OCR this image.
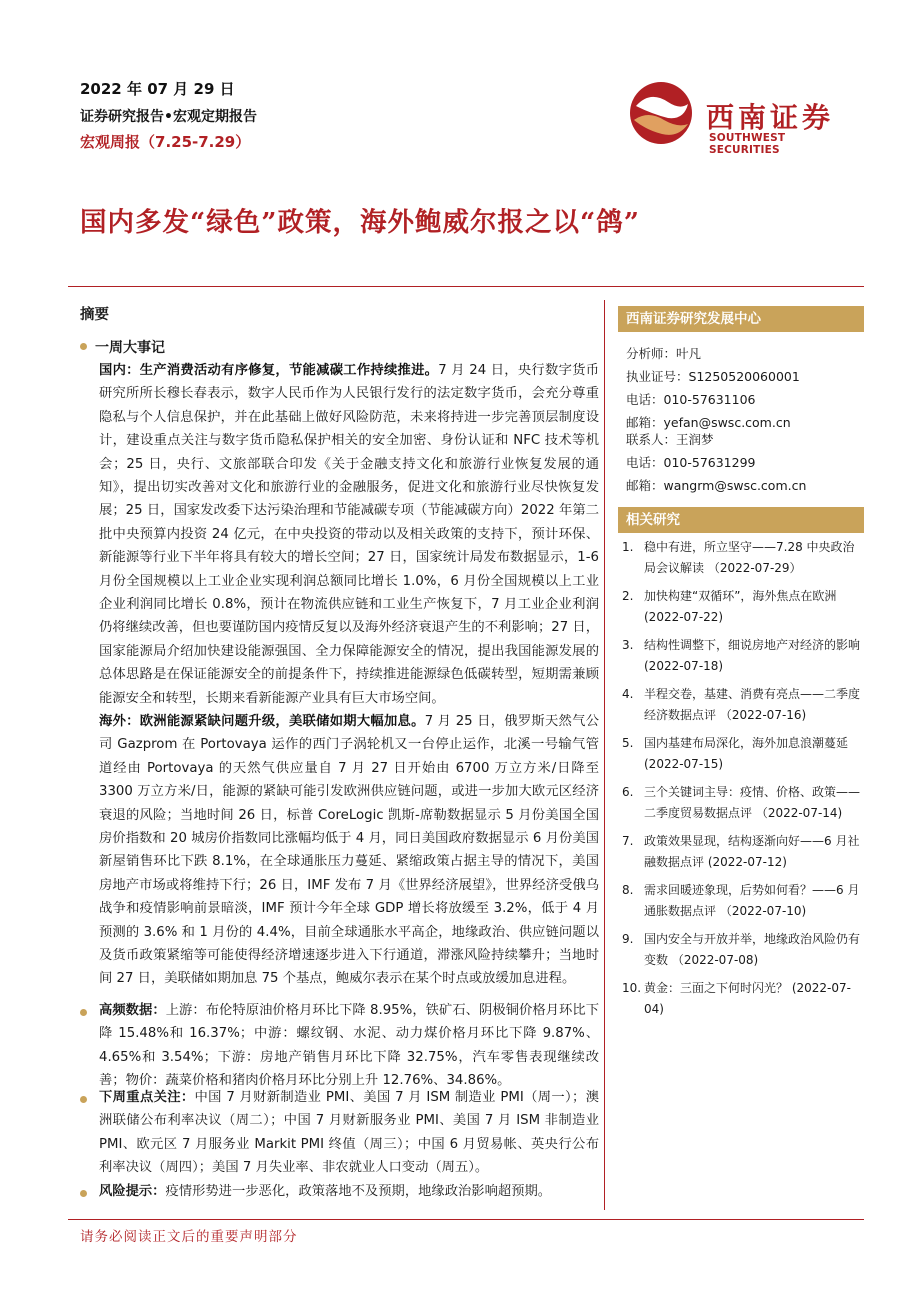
2022 年 07 月 29 日
证券研究报告•宏观定期报告
宏观周报（7.25-7.29）
西南证券
SOUTHWEST SECURITIES
国内多发“绿色”政策，海外鲍威尔报之以“鸽”
摘要
一周大事记
国内：生产消费活动有序修复，节能减碳工作持续推进。7 月 24 日，央行数字货币研究所所长穆长春表示，数字人民币作为人民银行发行的法定数字货币，会充分尊重隐私与个人信息保护，并在此基础上做好风险防范，未来将持进一步完善顶层制度设计，建设重点关注与数字货币隐私保护相关的安全加密、身份认证和 NFC 技术等机会；25 日，央行、文旅部联合印发《关于金融支持文化和旅游行业恢复发展的通知》，提出切实改善对文化和旅游行业的金融服务，促进文化和旅游行业尽快恢复发展；25 日，国家发改委下达污染治理和节能减碳专项（节能减碳方向）2022 年第二批中央预算内投资 24 亿元，在中央投资的带动以及相关政策的支持下，预计环保、新能源等行业下半年将具有较大的增长空间；27 日，国家统计局发布数据显示，1-6 月份全国规模以上工业企业实现利润总额同比增长 1.0%，6 月份全国规模以上工业企业利润同比增长 0.8%，预计在物流供应链和工业生产恢复下，7 月工业企业利润仍将继续改善，但也要谨防国内疫情反复以及海外经济衰退产生的不利影响；27 日，国家能源局介绍加快建设能源强国、全力保障能源安全的情况，提出我国能源发展的总体思路是在保证能源安全的前提条件下，持续推进能源绿色低碳转型，短期需兼顾能源安全和转型，长期来看新能源产业具有巨大市场空间。
海外：欧洲能源紧缺问题升级，美联储如期大幅加息。7 月 25 日，俄罗斯天然气公司 Gazprom 在 Portovaya 运作的西门子涡轮机又一台停止运作，北溪一号输气管道经由 Portovaya 的天然气供应量自 7 月 27 日开始由 6700 万立方米/日降至 3300 万立方米/日，能源的紧缺可能引发欧洲供应链问题，或进一步加大欧元区经济衰退的风险；当地时间 26 日，标普 CoreLogic 凯斯-席勒数据显示 5 月份美国全国房价指数和 20 城房价指数同比涨幅均低于 4 月，同日美国政府数据显示 6 月份美国新屋销售环比下跌 8.1%，在全球通胀压力蔓延、紧缩政策占据主导的情况下，美国房地产市场或将维持下行；26 日，IMF 发布 7 月《世界经济展望》，世界经济受俄乌战争和疫情影响前景暗淡，IMF 预计今年全球 GDP 增长将放缓至 3.2%，低于 4 月预测的 3.6% 和 1 月份的 4.4%，目前全球通胀水平高企，地缘政治、供应链问题以及货币政策紧缩等可能使得经济增速逐步进入下行通道，滞涨风险持续攀升；当地时间 27 日，美联储如期加息 75 个基点，鲍威尔表示在某个时点或放缓加息进程。
高频数据：上游：布伦特原油价格月环比下降 8.95%，铁矿石、阴极铜价格月环比下降 15.48%和 16.37%；中游：螺纹钢、水泥、动力煤价格月环比下降 9.87%、4.65%和 3.54%；下游：房地产销售月环比下降 32.75%，汽车零售表现继续改善；物价：蔬菜价格和猪肉价格月环比分别上升 12.76%、34.86%。
下周重点关注：中国 7 月财新制造业 PMI、美国 7 月 ISM 制造业 PMI（周一）；澳洲联储公布利率决议（周二）；中国 7 月财新服务业 PMI、美国 7 月 ISM 非制造业 PMI、欧元区 7 月服务业 Markit PMI 终值（周三）；中国 6 月贸易帐、英央行公布利率决议（周四）；美国 7 月失业率、非农就业人口变动（周五）。
风险提示：疫情形势进一步恶化，政策落地不及预期，地缘政治影响超预期。
西南证券研究发展中心
分析师：叶凡
执业证号：S1250520060001
电话：010-57631106
邮箱：yefan@swsc.com.cn
联系人：王润梦
电话：010-57631299
邮箱：wangrm@swsc.com.cn
相关研究
1. 稳中有进，所立坚守——7.28 中央政治局会议解读 （2022-07-29）
2. 加快构建“双循环”，海外焦点在欧洲 (2022-07-22)
3. 结构性调整下，细说房地产对经济的影响 (2022-07-18)
4. 半程交卷，基建、消费有亮点——二季度经济数据点评 （2022-07-16)
5. 国内基建布局深化，海外加息浪潮蔓延 (2022-07-15)
6. 三个关键词主导：疫情、价格、政策——二季度贸易数据点评 （2022-07-14)
7. 政策效果显现，结构逐渐向好——6 月社融数据点评 (2022-07-12)
8. 需求回暖迹象现，后势如何看？——6 月通胀数据点评 （2022-07-10)
9. 国内安全与开放并举，地缘政治风险仍有变数 （2022-07-08)
10. 黄金：三面之下何时闪光？ (2022-07-04)
请务必阅读正文后的重要声明部分
